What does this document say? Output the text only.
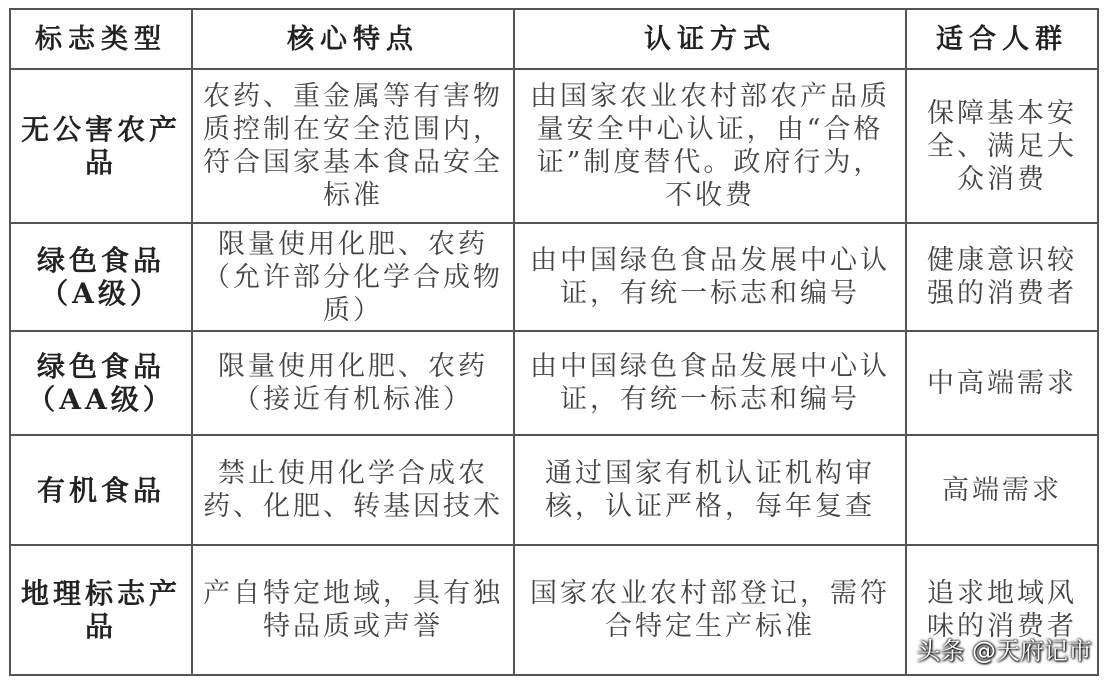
标志类型	核心特点	认证方式	适合人群
无公害农产品	农药、重金属等有害物质控制在安全范围内，符合国家基本食品安全标准	由国家农业农村部农产品质量安全中心认证，由“合格证”制度替代。政府行为，不收费	保障基本安全、满足大众消费
绿色食品（A级）	限量使用化肥、农药（允许部分化学合成物质）	由中国绿色食品发展中心认证，有统一标志和编号	健康意识较强的消费者
绿色食品（AA级）	限量使用化肥、农药（接近有机标准）	由中国绿色食品发展中心认证，有统一标志和编号	中高端需求
有机食品	禁止使用化学合成农药、化肥、转基因技术	通过国家有机认证机构审核，认证严格，每年复查	高端需求
地理标志产品	产自特定地域，具有独特品质或声誉	国家农业农村部登记，需符合特定生产标准	追求地域风味的消费者
头条 @天府记市
